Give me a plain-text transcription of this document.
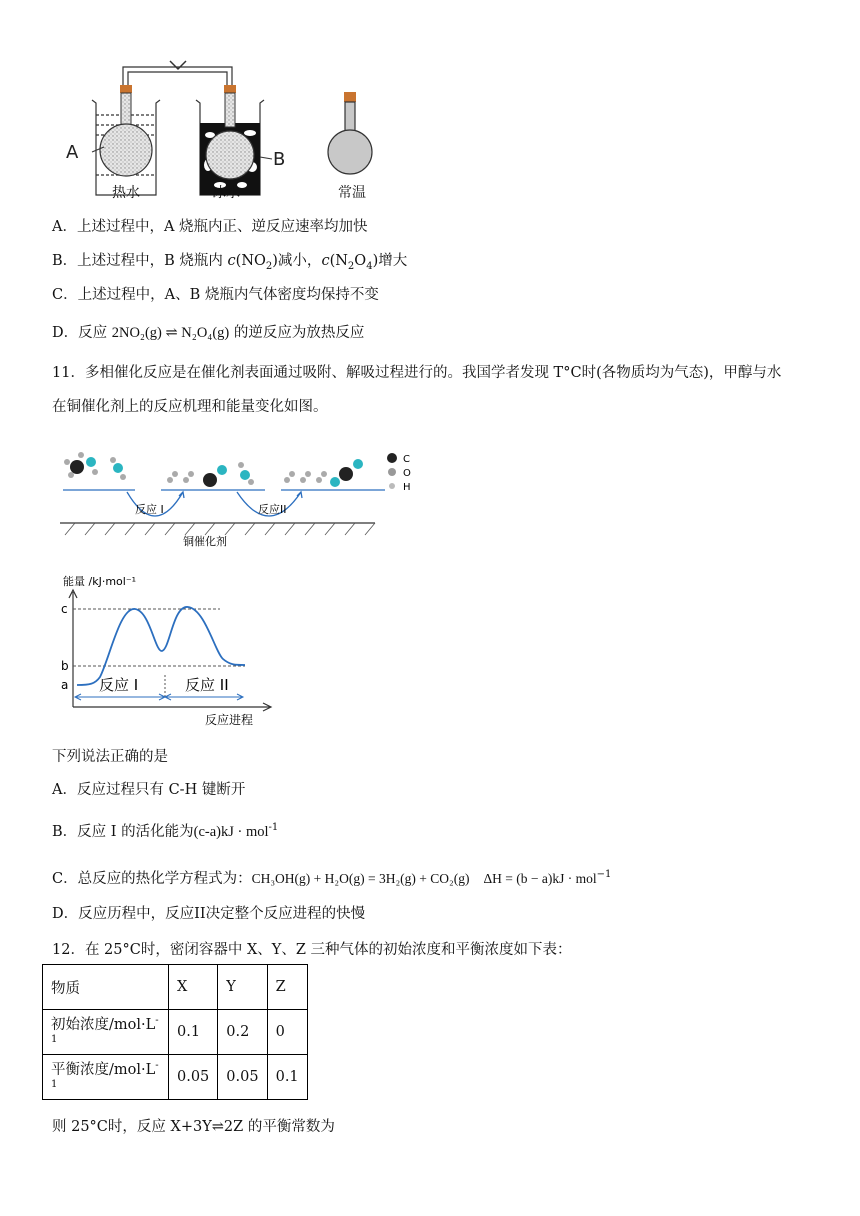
A	B
热水	冰水	常温
A．上述过程中，A 烧瓶内正、逆反应速率均加快
B．上述过程中，B 烧瓶内 $c(NO_2)$减小，$c(N_2O_4)$增大
C．上述过程中，A、B 烧瓶内气体密度均保持不变
D．反应 2NO₂(g) ⇌ N₂O₄(g) 的逆反应为放热反应
11．多相催化反应是在催化剂表面通过吸附、解吸过程进行的。我国学者发现 T°C时(各物质均为气态)，甲醇与水
在铜催化剂上的反应机理和能量变化如图。
C
O
H
反应 I	反应II
铜催化剂
能量 /kJ·mol⁻¹
c
b
a 反应 I	反应 II
反应进程
下列说法正确的是
A．反应过程只有 C-H 键断开
B．反应 I 的活化能为(c-a)kJ · mol$^{-1}$
C．总反应的热化学方程式为：CH₃OH(g) + H₂O(g) = 3H₂(g) + CO₂(g) ΔH = (b − a)kJ · mol$^{-1}$
D．反应历程中，反应II决定整个反应进程的快慢
12．在 25°C时，密闭容器中 X、Y、Z 三种气体的初始浓度和平衡浓度如下表：
物质	X	Y	Z
初始浓度$/mol\cdot L^{-1}$	0.1	0.2	0
平衡浓度$/mol\cdot L^{-1}$	0.05	0.05	0.1
则 25°C时，反应 X+3Y⇌2Z 的平衡常数为
